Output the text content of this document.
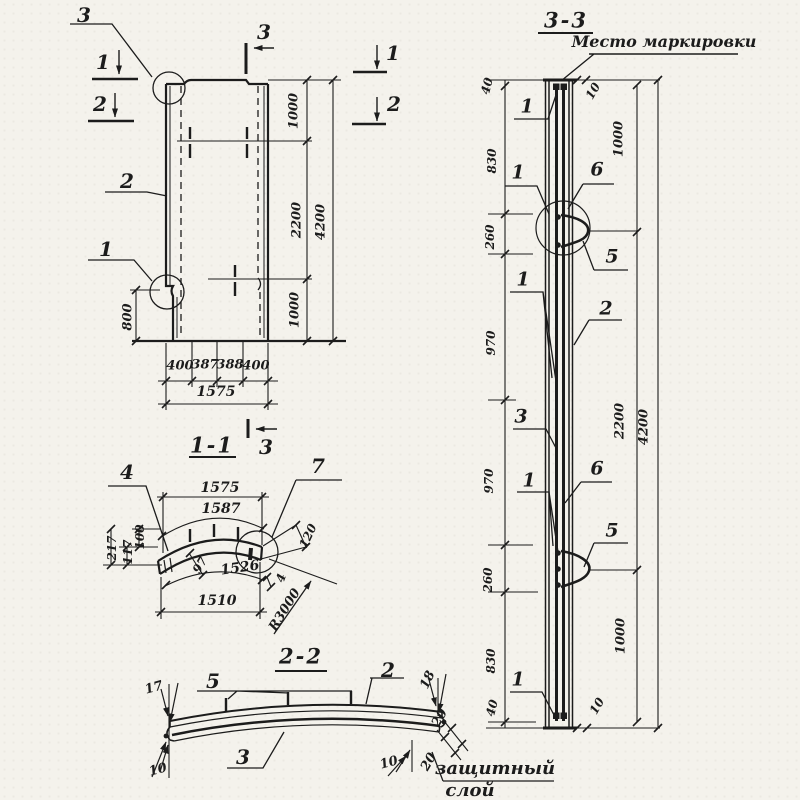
3
1
2
3
1
2
2
1
1000
2200
1000
4200
800
400
387
388
400
1575
3
1-1
4	7
1575
1587
100
117
217
97 1526
1510
120
4
R3000
2-2
5	2
3
17
10
18
10
20
20
защитный
слой
3-3
Место маркировки
1
1	6
5
1
2
3
6
1
5
1
40
830
260
970
970
260
830
40
10
1000
2200
1000
10
4200
